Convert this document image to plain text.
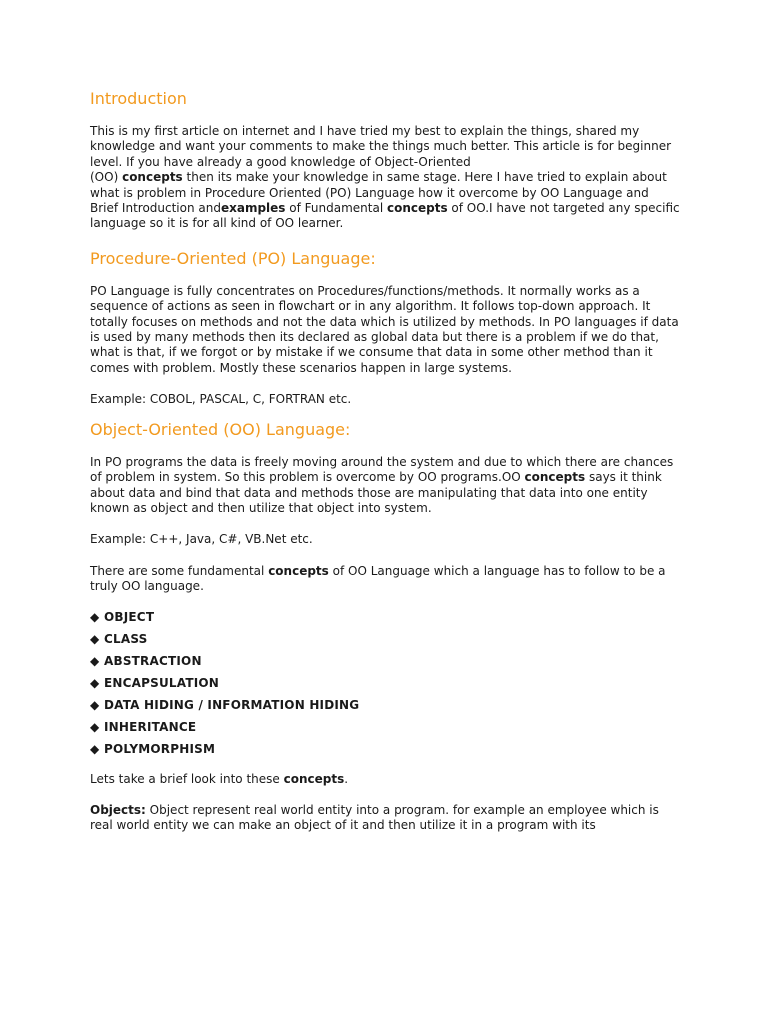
Introduction

This is my first article on internet and I have tried my best to explain the things, shared my knowledge and want your comments to make the things much better. This article is for beginner level. If you have already a good knowledge of Object-Oriented
(OO) concepts then its make your knowledge in same stage. Here I have tried to explain about what is problem in Procedure Oriented (PO) Language how it overcome by OO Language and Brief Introduction andexamples of Fundamental concepts of OO.I have not targeted any specific language so it is for all kind of OO learner.

Procedure-Oriented (PO) Language:

PO Language is fully concentrates on Procedures/functions/methods. It normally works as a sequence of actions as seen in flowchart or in any algorithm. It follows top-down approach. It totally focuses on methods and not the data which is utilized by methods. In PO languages if data is used by many methods then its declared as global data but there is a problem if we do that, what is that, if we forgot or by mistake if we consume that data in some other method than it comes with problem. Mostly these scenarios happen in large systems.

Example: COBOL, PASCAL, C, FORTRAN etc.

Object-Oriented (OO) Language:

In PO programs the data is freely moving around the system and due to which there are chances of problem in system. So this problem is overcome by OO programs.OO concepts says it think about data and bind that data and methods those are manipulating that data into one entity known as object and then utilize that object into system.

Example: C++, Java, C#, VB.Net etc.

There are some fundamental concepts of OO Language which a language has to follow to be a truly OO language.

◆ OBJECT
◆ CLASS
◆ ABSTRACTION
◆ ENCAPSULATION
◆ DATA HIDING / INFORMATION HIDING
◆ INHERITANCE
◆ POLYMORPHISM

Lets take a brief look into these concepts.

Objects: Object represent real world entity into a program. for example an employee which is real world entity we can make an object of it and then utilize it in a program with its
